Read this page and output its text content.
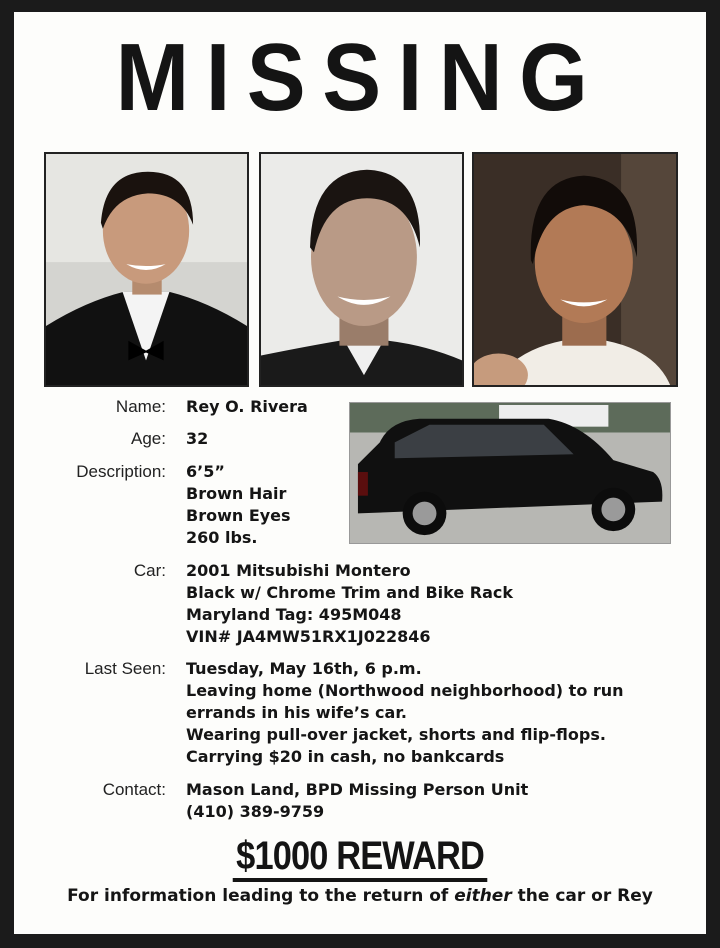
MISSING
Name: Rey O. Rivera
Age: 32
Description: 6’5”
Brown Hair
Brown Eyes
260 lbs.
Car: 2001 Mitsubishi Montero
Black w/ Chrome Trim and Bike Rack
Maryland Tag: 495M048
VIN# JA4MW51RX1J022846
Last Seen: Tuesday, May 16th, 6 p.m.
Leaving home (Northwood neighborhood) to run
errands in his wife’s car.
Wearing pull-over jacket, shorts and flip-flops.
Carrying $20 in cash, no bankcards
Contact: Mason Land, BPD Missing Person Unit
(410) 389-9759
$1000 REWARD
For information leading to the return of either the car or Rey
